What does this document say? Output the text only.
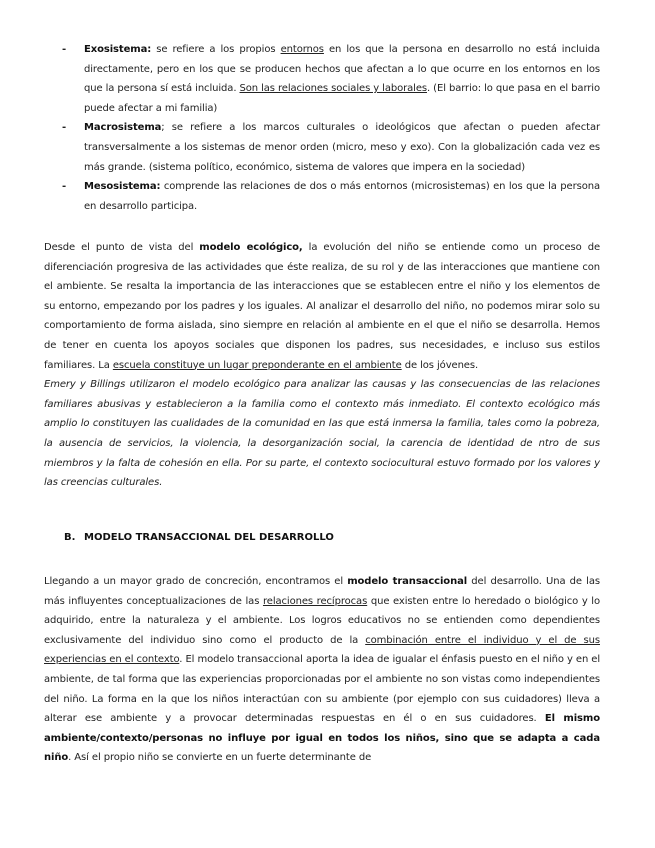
- Exosistema: se refiere a los propios entornos en los que la persona en desarrollo no está incluida directamente, pero en los que se producen hechos que afectan a lo que ocurre en los entornos en los que la persona sí está incluida. Son las relaciones sociales y laborales. (El barrio: lo que pasa en el barrio puede afectar a mi familia)
- Macrosistema; se refiere a los marcos culturales o ideológicos que afectan o pueden afectar transversalmente a los sistemas de menor orden (micro, meso y exo). Con la globalización cada vez es más grande. (sistema político, económico, sistema de valores que impera en la sociedad)
- Mesosistema: comprende las relaciones de dos o más entornos (microsistemas) en los que la persona en desarrollo participa.
Desde el punto de vista del modelo ecológico, la evolución del niño se entiende como un proceso de diferenciación progresiva de las actividades que éste realiza, de su rol y de las interacciones que mantiene con el ambiente. Se resalta la importancia de las interacciones que se establecen entre el niño y los elementos de su entorno, empezando por los padres y los iguales. Al analizar el desarrollo del niño, no podemos mirar solo su comportamiento de forma aislada, sino siempre en relación al ambiente en el que el niño se desarrolla. Hemos de tener en cuenta los apoyos sociales que disponen los padres, sus necesidades, e incluso sus estilos familiares. La escuela constituye un lugar preponderante en el ambiente de los jóvenes.
Emery y Billings utilizaron el modelo ecológico para analizar las causas y las consecuencias de las relaciones familiares abusivas y establecieron a la familia como el contexto más inmediato. El contexto ecológico más amplio lo constituyen las cualidades de la comunidad en las que está inmersa la familia, tales como la pobreza, la ausencia de servicios, la violencia, la desorganización social, la carencia de identidad de ntro de sus miembros y la falta de cohesión en ella. Por su parte, el contexto sociocultural estuvo formado por los valores y las creencias culturales.
B. MODELO TRANSACCIONAL DEL DESARROLLO
Llegando a un mayor grado de concreción, encontramos el modelo transaccional del desarrollo. Una de las más influyentes conceptualizaciones de las relaciones recíprocas que existen entre lo heredado o biológico y lo adquirido, entre la naturaleza y el ambiente. Los logros educativos no se entienden como dependientes exclusivamente del individuo sino como el producto de la combinación entre el individuo y el de sus experiencias en el contexto. El modelo transaccional aporta la idea de igualar el énfasis puesto en el niño y en el ambiente, de tal forma que las experiencias proporcionadas por el ambiente no son vistas como independientes del niño. La forma en la que los niños interactúan con su ambiente (por ejemplo con sus cuidadores) lleva a alterar ese ambiente y a provocar determinadas respuestas en él o en sus cuidadores. El mismo ambiente/contexto/personas no influye por igual en todos los niños, sino que se adapta a cada niño. Así el propio niño se convierte en un fuerte determinante de
